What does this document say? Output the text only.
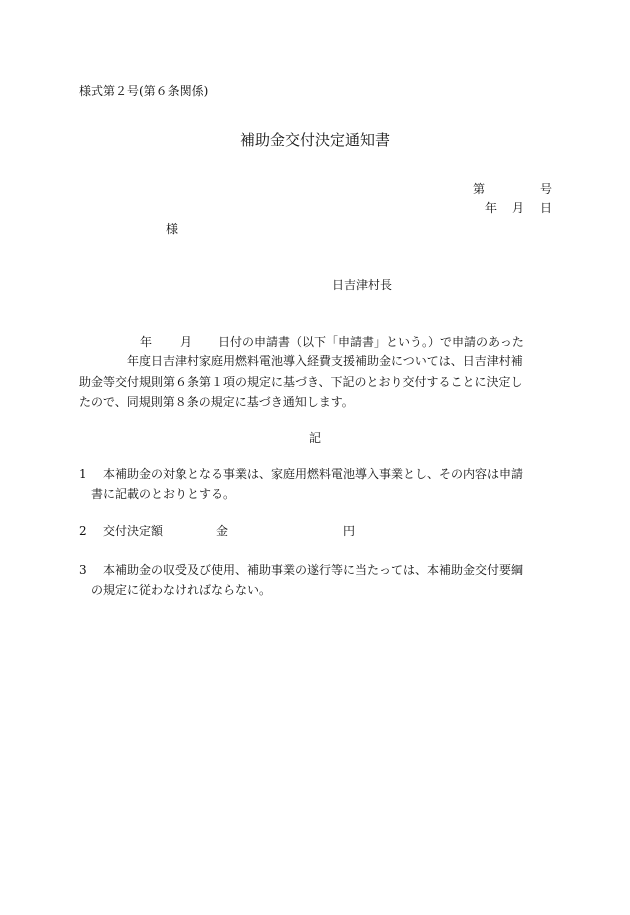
様式第２号(第６条関係)
補助金交付決定通知書
第	号
年 月 日
様
日吉津村長
年 月 日付の申請書（以下「申請書」という。）で申請のあった
年度日吉津村家庭用燃料電池導入経費支援補助金については、日吉津村補
助金等交付規則第６条第１項の規定に基づき、下記のとおり交付することに決定し
たので、同規則第８条の規定に基づき通知します。
記
1 本補助金の対象となる事業は、家庭用燃料電池導入事業とし、その内容は申請
書に記載のとおりとする。
2 交付決定額	金	円
3 本補助金の収受及び使用、補助事業の遂行等に当たっては、本補助金交付要綱
の規定に従わなければならない。
